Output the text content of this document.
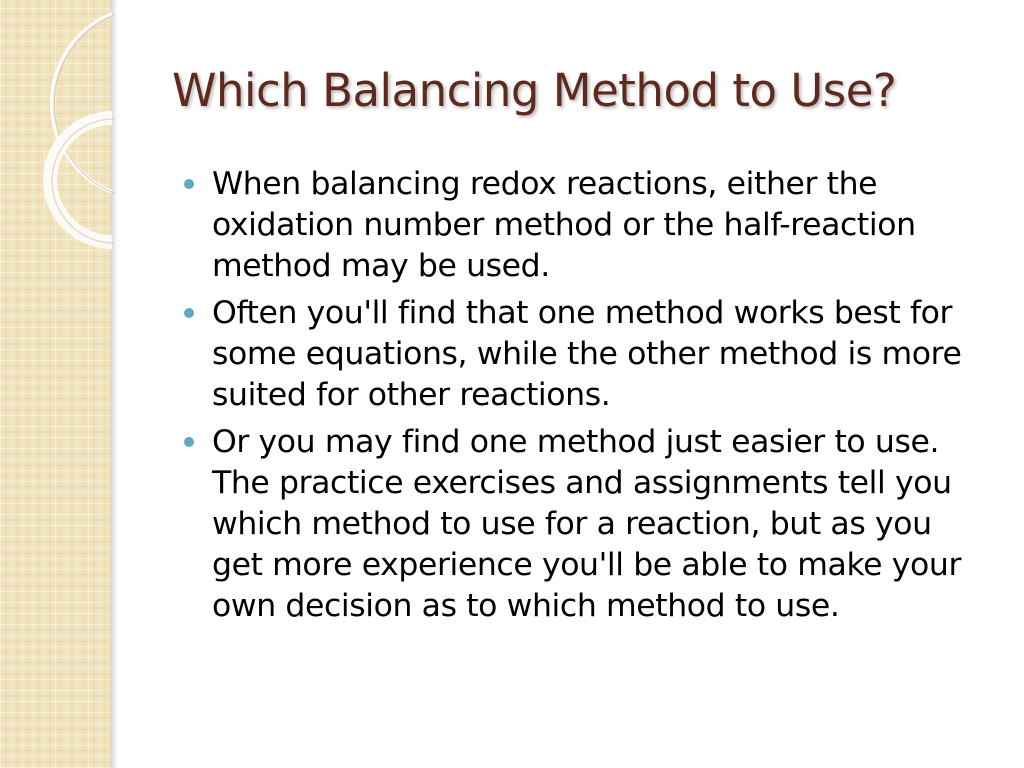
Which Balancing Method to Use?
When balancing redox reactions, either the oxidation number method or the half-reaction method may be used.
Often you'll find that one method works best for some equations, while the other method is more suited for other reactions.
Or you may find one method just easier to use. The practice exercises and assignments tell you which method to use for a reaction, but as you get more experience you'll be able to make your own decision as to which method to use.
